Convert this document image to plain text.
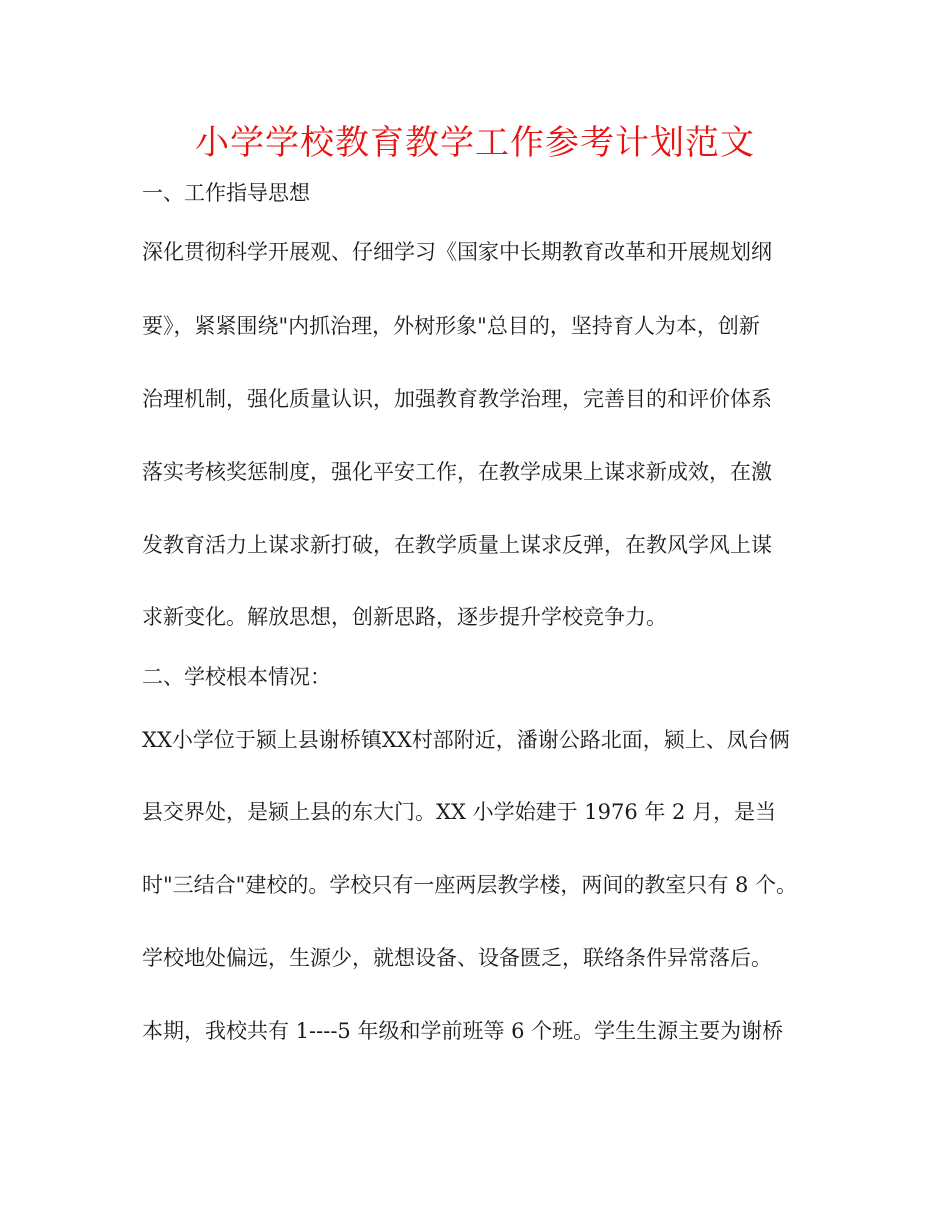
小学学校教育教学工作参考计划范文

一、工作指导思想

深化贯彻科学开展观、仔细学习《国家中长期教育改革和开展规划纲

要》，紧紧围绕"内抓治理，外树形象"总目的，坚持育人为本，创新

治理机制，强化质量认识，加强教育教学治理，完善目的和评价体系

落实考核奖惩制度，强化平安工作，在教学成果上谋求新成效，在激

发教育活力上谋求新打破，在教学质量上谋求反弹，在教风学风上谋

求新变化。解放思想，创新思路，逐步提升学校竞争力。

二、学校根本情况：

XX小学位于颍上县谢桥镇XX村部附近，潘谢公路北面，颍上、凤台俩

县交界处，是颍上县的东大门。XX 小学始建于 1976 年 2 月，是当

时"三结合"建校的。学校只有一座两层教学楼，两间的教室只有 8 个。

学校地处偏远，生源少，就想设备、设备匮乏，联络条件异常落后。

本期，我校共有 1----5 年级和学前班等 6 个班。学生生源主要为谢桥
